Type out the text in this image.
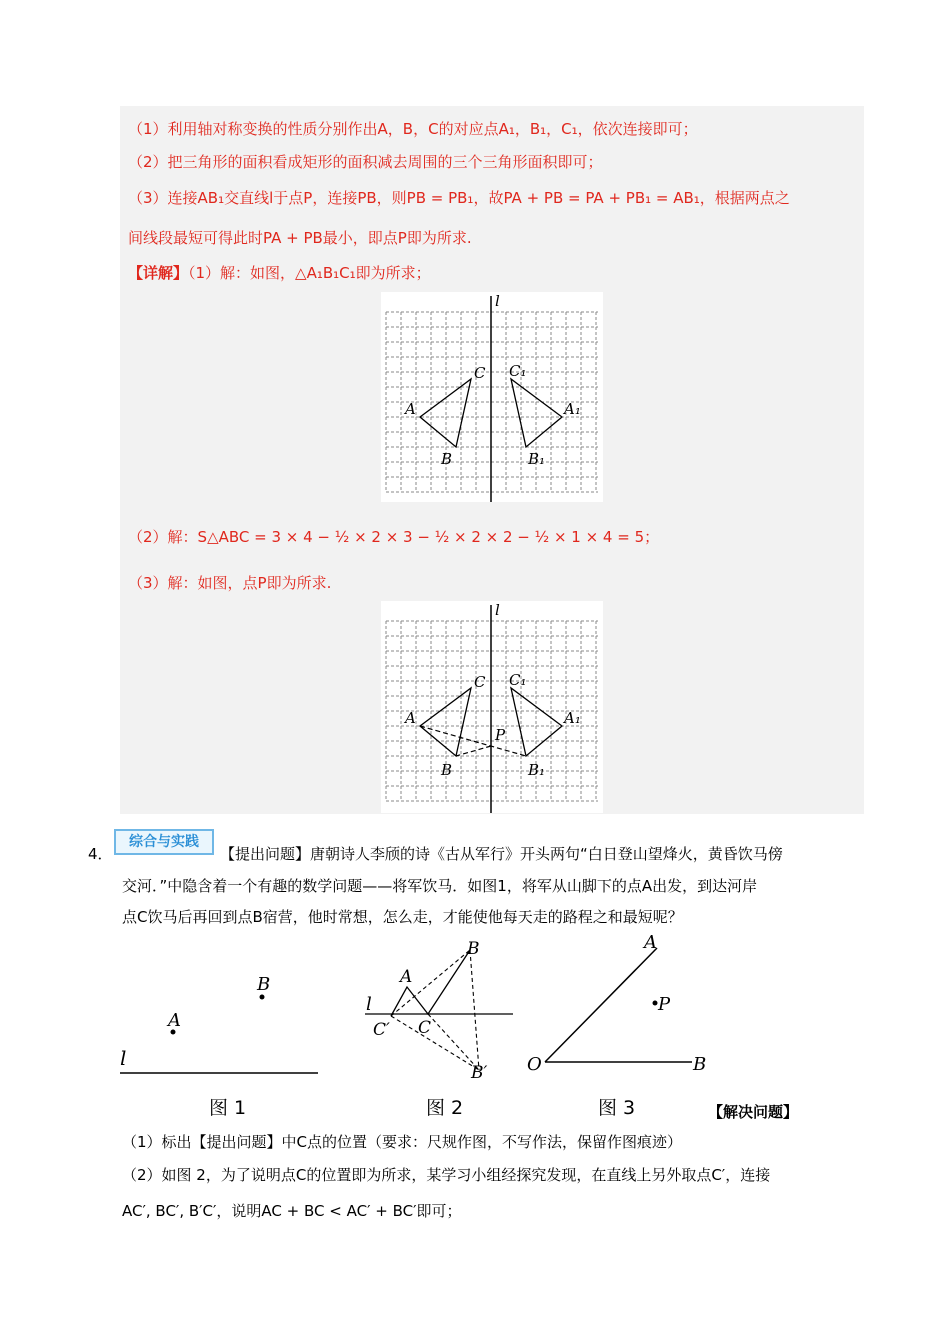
（1）利用轴对称变换的性质分别作出A，B，C的对应点A₁，B₁，C₁，依次连接即可；
（2）把三角形的面积看成矩形的面积减去周围的三个三角形面积即可；
（3）连接AB₁交直线l于点P，连接PB，则PB = PB₁，故PA + PB = PA + PB₁ = AB₁，根据两点之
间线段最短可得此时PA + PB最小，即点P即为所求.
【详解】（1）解：如图，△A₁B₁C₁即为所求；
l
A
C
B
C₁
A₁
B₁
（2）解：S△ABC = 3 × 4 − ½ × 2 × 3 − ½ × 2 × 2 − ½ × 1 × 4 = 5；
（3）解：如图，点P即为所求.
l
A
C
B
C₁
A₁
B₁
P
4．
综合与实践
【提出问题】唐朝诗人李颀的诗《古从军行》开头两句“白日登山望烽火，黄昏饮马傍
交河．”中隐含着一个有趣的数学问题——将军饮马．如图1，将军从山脚下的点A出发，到达河岸
点C饮马后再回到点B宿营，他时常想，怎么走，才能使他每天走的路程之和最短呢？
l
A
B
l
B
A
C′ C
B′
A
P
O	B
图 1	图 2	图 3	【解决问题】
（1）标出【提出问题】中C点的位置（要求：尺规作图，不写作法，保留作图痕迹）
（2）如图 2，为了说明点C的位置即为所求，某学习小组经探究发现，在直线上另外取点C′，连接
AC′, BC′, B′C′，说明AC + BC < AC′ + BC′即可；
